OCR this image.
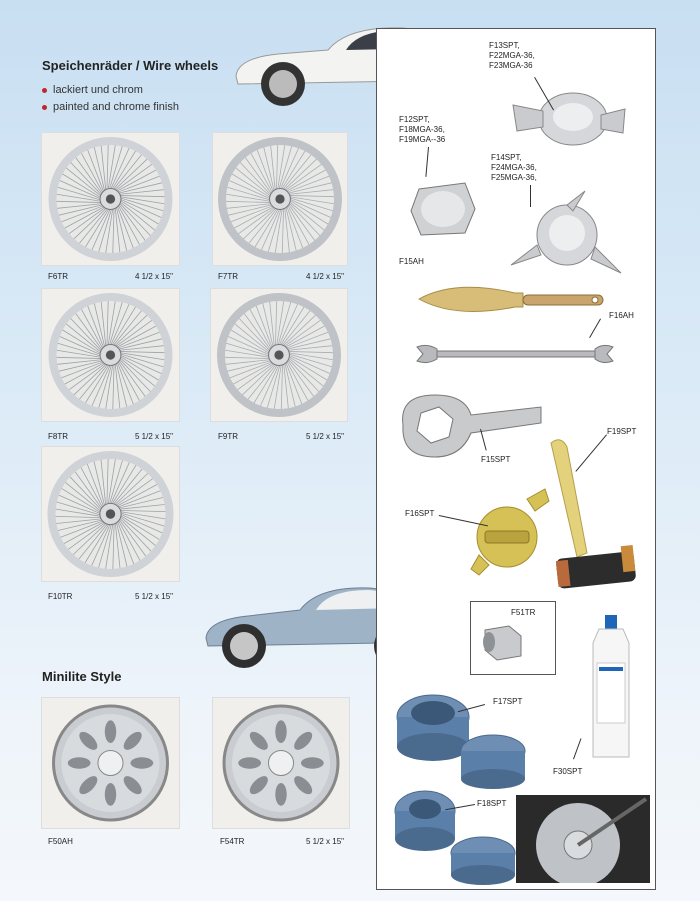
Speichenräder / Wire wheels
lackiert und chrom
painted and chrome finish
F6TR	4 1/2 x 15"	F7TR	4 1/2 x 15"
F8TR	5 1/2 x 15"	F9TR	5 1/2 x 15"
F10TR	5 1/2 x 15"
Minilite Style
F50AH	F54TR	5 1/2 x 15"
F13SPT,
F22MGA-36,
F23MGA-36
F12SPT,
F18MGA-36,
F19MGA--36
F14SPT,
F24MGA-36,
F25MGA-36,
F15AH
F16AH
F15SPT
F19SPT
F16SPT
F51TR
F30SPT
F17SPT
F18SPT
